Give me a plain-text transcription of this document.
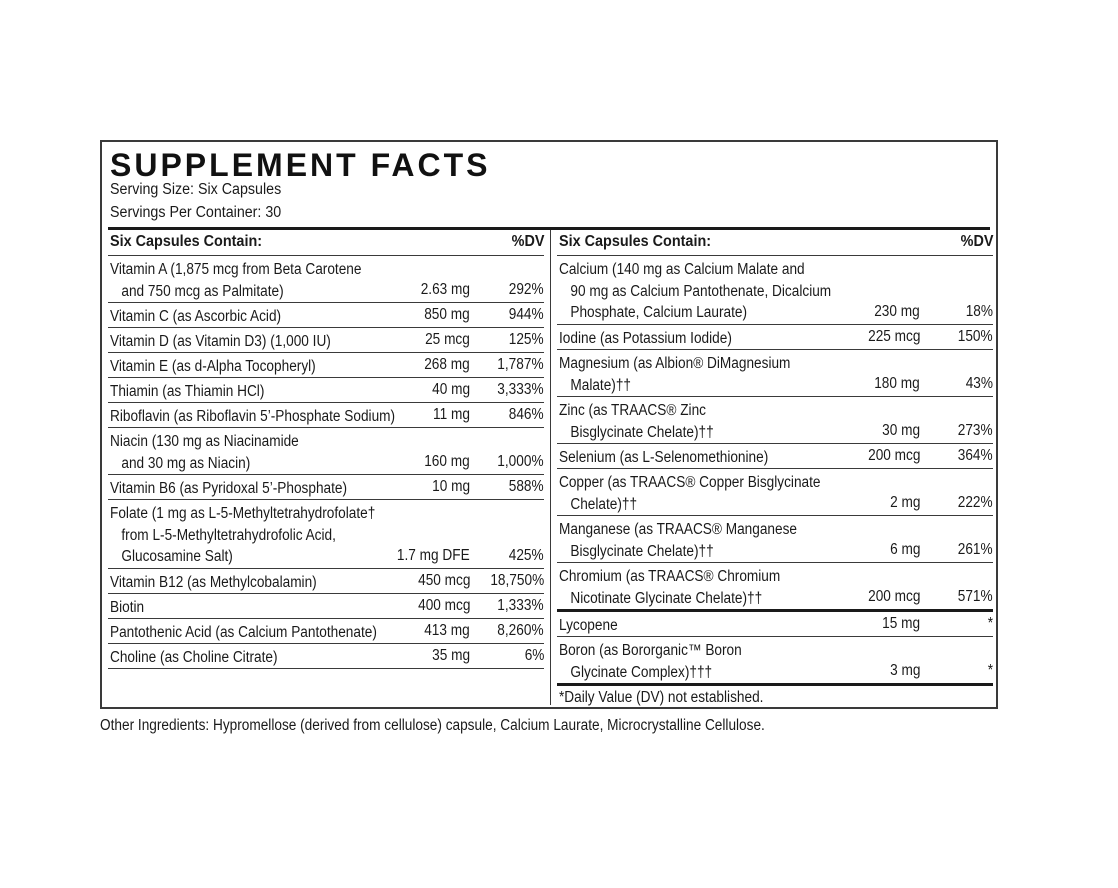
SUPPLEMENT FACTS
Serving Size: Six Capsules
Servings Per Container: 30
Six Capsules Contain:	%DV
Vitamin A (1,875 mcg from Beta Carotene
and 750 mcg as Palmitate)	2.63 mg	292%
Vitamin C (as Ascorbic Acid)	850 mg	944%
Vitamin D (as Vitamin D3) (1,000 IU)	25 mcg	125%
Vitamin E (as d-Alpha Tocopheryl)	268 mg 1,787%
Thiamin (as Thiamin HCl)	40 mg 3,333%
Riboflavin (as Riboflavin 5’-Phosphate Sodium) 11 mg	846%
Niacin (130 mg as Niacinamide
and 30 mg as Niacin)	160 mg 1,000%
Vitamin B6 (as Pyridoxal 5’-Phosphate)	10 mg	588%
Folate (1 mg as L-5-Methyltetrahydrofolate†
from L-5-Methyltetrahydrofolic Acid,
Glucosamine Salt)	1.7 mg DFE	425%
Vitamin B12 (as Methylcobalamin)	450 mcg 18,750%
Biotin	400 mcg 1,333%
Pantothenic Acid (as Calcium Pantothenate)	413 mg 8,260%
Choline (as Choline Citrate)	35 mg	6%
Six Capsules Contain:	%DV
Calcium (140 mg as Calcium Malate and
90 mg as Calcium Pantothenate, Dicalcium
Phosphate, Calcium Laurate)	230 mg	18%
Iodine (as Potassium Iodide)	225 mcg 150%
Magnesium (as Albion® DiMagnesium
Malate)††	180 mg	43%
Zinc (as TRAACS® Zinc
Bisglycinate Chelate)††	30 mg 273%
Selenium (as L-Selenomethionine)	200 mcg 364%
Copper (as TRAACS® Copper Bisglycinate
Chelate)††	2 mg 222%
Manganese (as TRAACS® Manganese
Bisglycinate Chelate)††	6 mg 261%
Chromium (as TRAACS® Chromium
Nicotinate Glycinate Chelate)††	200 mcg 571%
Lycopene	15 mg	*
Boron (as Bororganic™ Boron
Glycinate Complex)†††	3 mg	*
*Daily Value (DV) not established.
Other Ingredients: Hypromellose (derived from cellulose) capsule, Calcium Laurate, Microcrystalline Cellulose.
